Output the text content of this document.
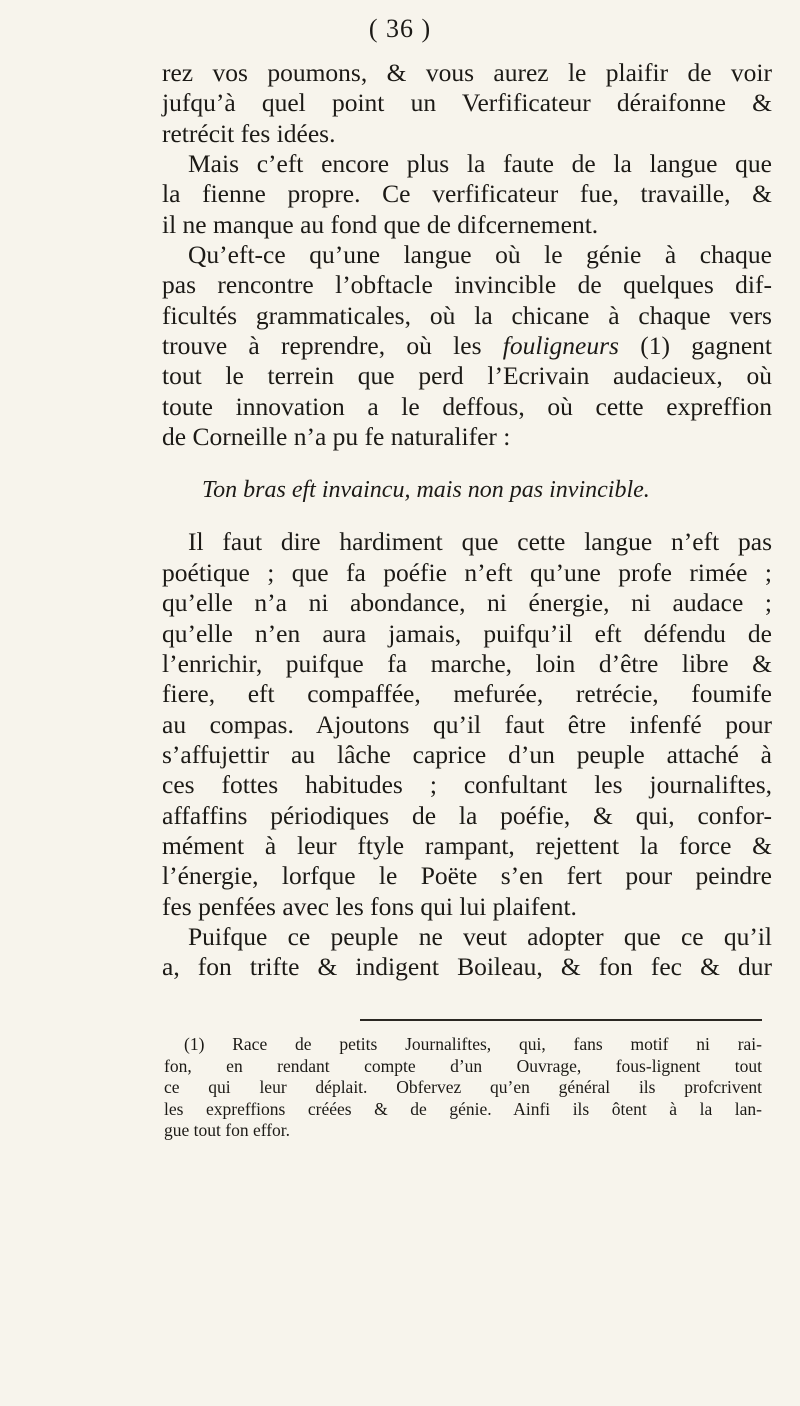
( 36 )
rez vos poumons, & vous aurez le plaifir de voir
jufqu’à quel point un Verfificateur déraifonne &
retrécit fes idées.
Mais c’eft encore plus la faute de la langue que
la fienne propre. Ce verfificateur fue, travaille, &
il ne manque au fond que de difcernement.
Qu’eft-ce qu’une langue où le génie à chaque
pas rencontre l’obftacle invincible de quelques dif-
ficultés grammaticales, où la chicane à chaque vers
trouve à reprendre, où les fouligneurs (1) gagnent
tout le terrein que perd l’Ecrivain audacieux, où
toute innovation a le deffous, où cette expreffion
de Corneille n’a pu fe naturalifer :
Ton bras eft invaincu, mais non pas invincible.
Il faut dire hardiment que cette langue n’eft pas
poétique ; que fa poéfie n’eft qu’une profe rimée ;
qu’elle n’a ni abondance, ni énergie, ni audace ;
qu’elle n’en aura jamais, puifqu’il eft défendu de
l’enrichir, puifque fa marche, loin d’être libre &
fiere, eft compaffée, mefurée, retrécie, foumife
au compas. Ajoutons qu’il faut être infenfé pour
s’affujettir au lâche caprice d’un peuple attaché à
ces fottes habitudes ; confultant les journaliftes,
affaffins périodiques de la poéfie, & qui, confor-
mément à leur ftyle rampant, rejettent la force &
l’énergie, lorfque le Poëte s’en fert pour peindre
fes penfées avec les fons qui lui plaifent.
Puifque ce peuple ne veut adopter que ce qu’il
a, fon trifte & indigent Boileau, & fon fec & dur
(1) Race de petits Journaliftes, qui, fans motif ni rai-
fon, en rendant compte d’un Ouvrage, fous-lignent tout
ce qui leur déplait. Obfervez qu’en général ils profcrivent
les expreffions créées & de génie. Ainfi ils ôtent à la lan-
gue tout fon effor.
